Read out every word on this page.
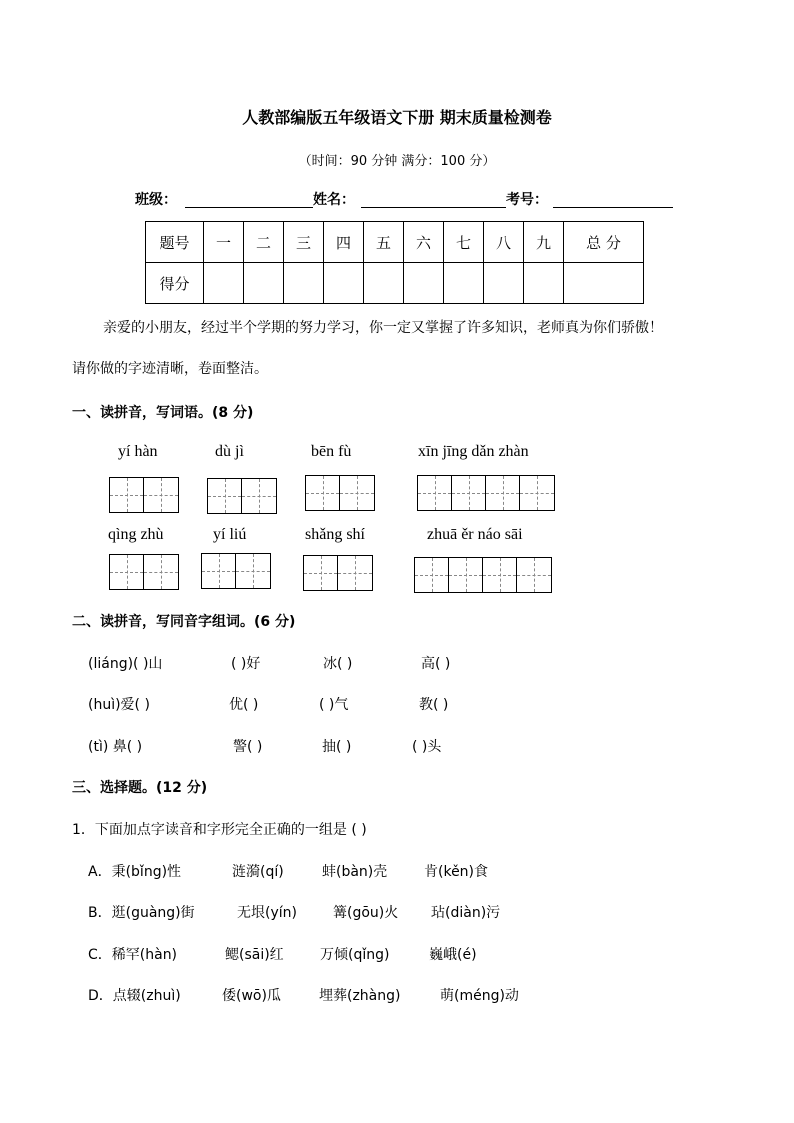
人教部编版五年级语文下册 期末质量检测卷
（时间：90 分钟 满分：100 分）
班级：	姓名：	考号：
题号	一	二	三	四	五	六	七	八	九	总 分
得分										
亲爱的小朋友，经过半个学期的努力学习，你一定又掌握了许多知识，老师真为你们骄傲！
请你做的字迹清晰，卷面整洁。
一、读拼音，写词语。(8 分)
yí hàn	dù jì	bēn fù	xīn jīng dǎn zhàn
qìng zhù	yí liú	shǎng shí	zhuā ěr náo sāi
二、读拼音，写同音字组词。(6 分)
(liáng)( )山	( )好	冰( )	高( )
(huì)爱( )	优( )	( )气	教( )
(tì) 鼻( )	警( )	抽( )	( )头
三、选择题。(12 分)
1．下面加点字读音和字形完全正确的一组是 ( )
A．秉(bǐng)性	涟漪(qí)	蚌(bàn)壳	肯(kěn)食
B．逛(guàng)街	无垠(yín)	篝(gōu)火 玷(diàn)污
C．稀罕(hàn)	鳃(sāi)红	万倾(qǐng)	巍峨(é)
D．点辍(zhuì)	倭(wō)瓜	埋葬(zhàng)	萌(méng)动
